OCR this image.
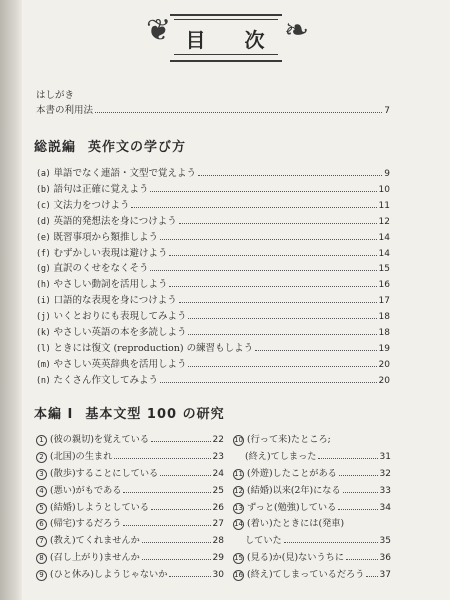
❦ 目 次 ❧
はしがき
本書の利用法	7
総説編 英作文の学び方
(a) 単語でなく連語・文型で覚えよう	9
(b) 語句は正確に覚えよう	10
(c) 文法力をつけよう	11
(d) 英語的発想法を身につけよう	12
(e) 既習事項から類推しよう	14
(f) むずかしい表現は避けよう	14
(g) 直訳のくせをなくそう	15
(h) やさしい動詞を活用しよう	16
(i) 口語的な表現を身につけよう	17
(j) いくとおりにも表現してみよう	18
(k) やさしい英語の本を多読しよう	18
(l) ときには復文 (reproduction) の練習もしよう	19
(m) やさしい英英辞典を活用しよう	20
(n) たくさん作文してみよう	20
本編 I 基本文型 100 の研究
1 (彼の親切)を覚えている	22
2 (北国)の生まれ	23
3 (散歩)することにしている	24
4 (悪い)がもである	25
5 (結婚)しようとしている	26
6 (帰宅)するだろう	27
7 (教え)てくれませんか	28
8 (召し上がり)ませんか	29
9 (ひと休み)しようじゃないか	30
10 (行って来)たところ;
(終え)てしまった	31
11 (外遊)したことがある	32
12 (結婚)以来(2年)になる	33
13 ずっと(勉強)している	34
14 (着い)たときには(発車)
していた	35
15 (見る)か(見)ないうちに	36
16 (終え)てしまっているだろう 37
